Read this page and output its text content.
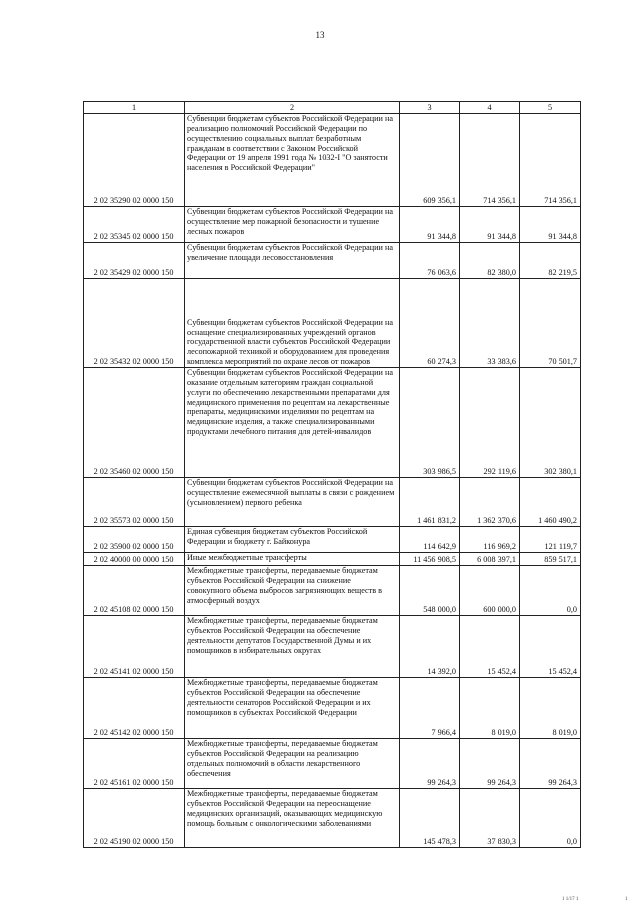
13
1	2	3	4	5
2 02 35290 02 0000 150	Субвенции бюджетам субъектов Российской Федерации на реализацию полномочий Российской Федерации по осуществлению социальных выплат безработным гражданам в соответствии с Законом Российской Федерации от 19 апреля 1991 года № 1032-I "О занятости населения в Российской Федерации"	609 356,1	714 356,1	714 356,1
2 02 35345 02 0000 150	Субвенции бюджетам субъектов Российской Федерации на осуществление мер пожарной безопасности и тушение лесных пожаров	91 344,8	91 344,8	91 344,8
2 02 35429 02 0000 150	Субвенции бюджетам субъектов Российской Федерации на увеличение площади лесовосстановления	76 063,6	82 380,0	82 219,5
2 02 35432 02 0000 150	Субвенции бюджетам субъектов Российской Федерации на оснащение специализированных учреждений органов государственной власти субъектов Российской Федерации лесопожарной техникой и оборудованием для проведения комплекса мероприятий по охране лесов от пожаров	60 274,3	33 383,6	70 501,7
2 02 35460 02 0000 150	Субвенции бюджетам субъектов Российской Федерации на оказание отдельным категориям граждан социальной услуги по обеспечению лекарственными препаратами для медицинского применения по рецептам на лекарственные препараты, медицинскими изделиями по рецептам на медицинские изделия, а также специализированными продуктами лечебного питания для детей-инвалидов	303 986,5	292 119,6	302 380,1
2 02 35573 02 0000 150	Субвенции бюджетам субъектов Российской Федерации на осуществление ежемесячной выплаты в связи с рождением (усыновлением) первого ребенка	1 461 831,2	1 362 370,6	1 460 490,2
2 02 35900 02 0000 150	Единая субвенция бюджетам субъектов Российской Федерации и бюджету г. Байконура	114 642,9	116 969,2	121 119,7
2 02 40000 00 0000 150	Иные межбюджетные трансферты	11 456 908,5	6 008 397,1	859 517,1
2 02 45108 02 0000 150	Межбюджетные трансферты, передаваемые бюджетам субъектов Российской Федерации на снижение совокупного объема выбросов загрязняющих веществ в атмосферный воздух	548 000,0	600 000,0	0,0
2 02 45141 02 0000 150	Межбюджетные трансферты, передаваемые бюджетам субъектов Российской Федерации на обеспечение деятельности депутатов Государственной Думы и их помощников в избирательных округах	14 392,0	15 452,4	15 452,4
2 02 45142 02 0000 150	Межбюджетные трансферты, передаваемые бюджетам субъектов Российской Федерации на обеспечение деятельности сенаторов Российской Федерации и их помощников в субъектах Российской Федерации	7 966,4	8 019,0	8 019,0
2 02 45161 02 0000 150	Межбюджетные трансферты, передаваемые бюджетам субъектов Российской Федерации на реализацию отдельных полномочий в области лекарственного обеспечения	99 264,3	99 264,3	99 264,3
2 02 45190 02 0000 150	Межбюджетные трансферты, передаваемые бюджетам субъектов Российской Федерации на переоснащение медицинских организаций, оказывающих медицинскую помощь больным с онкологическими заболеваниями	145 478,3	37 830,3	0,0
1 1/17 1	1
